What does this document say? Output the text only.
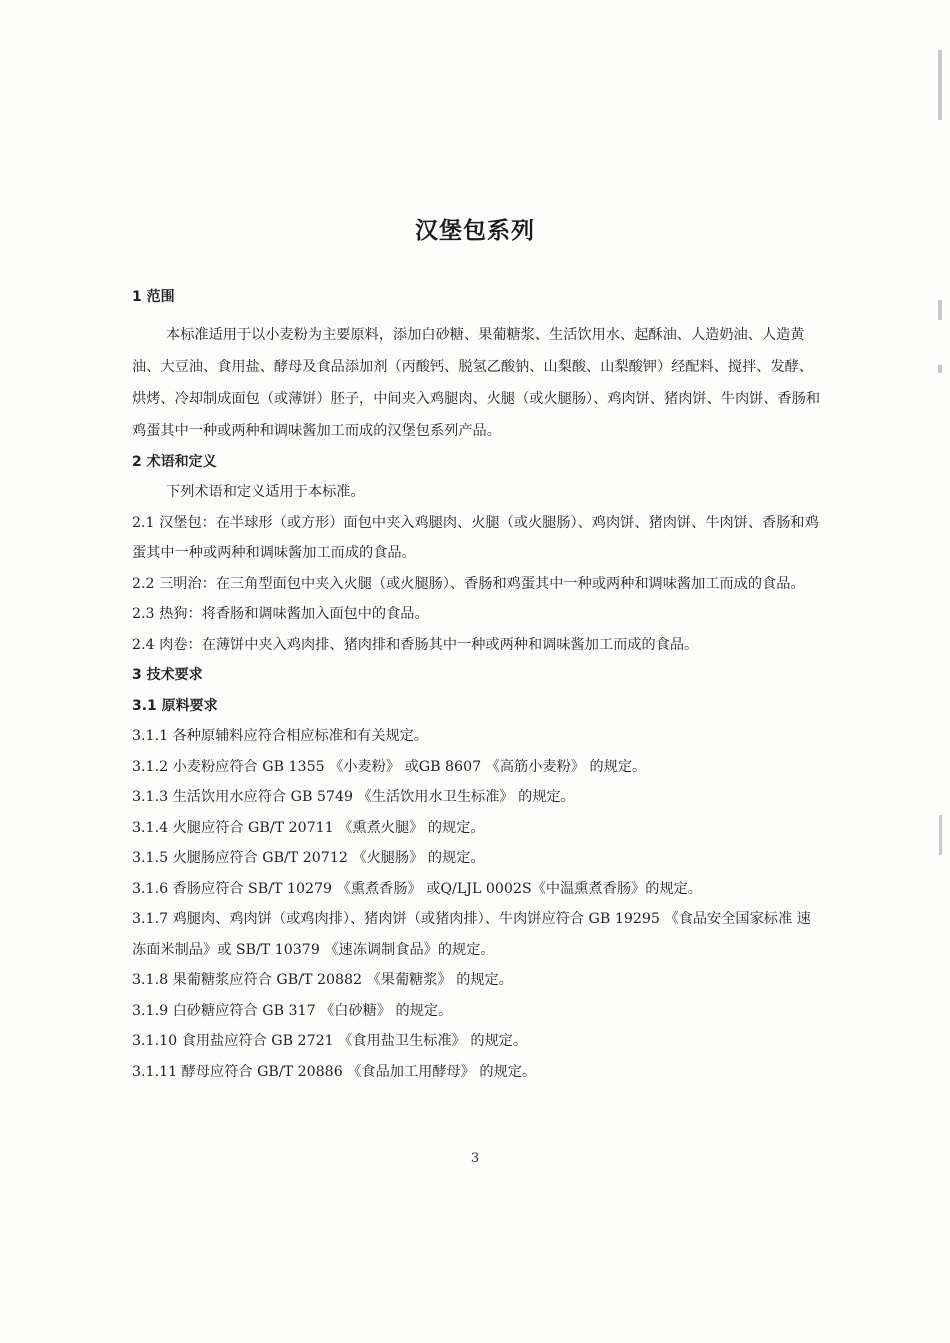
汉堡包系列

1 范围

本标准适用于以小麦粉为主要原料，添加白砂糖、果葡糖浆、生活饮用水、起酥油、人造奶油、人造黄油、大豆油、食用盐、酵母及食品添加剂（丙酸钙、脱氢乙酸钠、山梨酸、山梨酸钾）经配料、搅拌、发酵、烘烤、冷却制成面包（或薄饼）胚子，中间夹入鸡腿肉、火腿（或火腿肠）、鸡肉饼、猪肉饼、牛肉饼、香肠和鸡蛋其中一种或两种和调味酱加工而成的汉堡包系列产品。

2 术语和定义

下列术语和定义适用于本标准。

2.1 汉堡包：在半球形（或方形）面包中夹入鸡腿肉、火腿（或火腿肠）、鸡肉饼、猪肉饼、牛肉饼、香肠和鸡蛋其中一种或两种和调味酱加工而成的食品。

2.2 三明治：在三角型面包中夹入火腿（或火腿肠）、香肠和鸡蛋其中一种或两种和调味酱加工而成的食品。

2.3 热狗：将香肠和调味酱加入面包中的食品。

2.4 肉卷：在薄饼中夹入鸡肉排、猪肉排和香肠其中一种或两种和调味酱加工而成的食品。

3 技术要求

3.1 原料要求

3.1.1 各种原辅料应符合相应标准和有关规定。

3.1.2 小麦粉应符合 GB 1355 《小麦粉》 或GB 8607 《高筋小麦粉》 的规定。

3.1.3 生活饮用水应符合 GB 5749 《生活饮用水卫生标准》 的规定。

3.1.4 火腿应符合 GB/T 20711 《熏煮火腿》 的规定。

3.1.5 火腿肠应符合 GB/T 20712 《火腿肠》 的规定。

3.1.6 香肠应符合 SB/T 10279 《熏煮香肠》 或Q/LJL 0002S《中温熏煮香肠》的规定。

3.1.7 鸡腿肉、鸡肉饼（或鸡肉排）、猪肉饼（或猪肉排）、牛肉饼应符合 GB 19295 《食品安全国家标准 速冻面米制品》或 SB/T 10379 《速冻调制食品》的规定。

3.1.8 果葡糖浆应符合 GB/T 20882 《果葡糖浆》 的规定。

3.1.9 白砂糖应符合 GB 317 《白砂糖》 的规定。

3.1.10 食用盐应符合 GB 2721 《食用盐卫生标准》 的规定。

3.1.11 酵母应符合 GB/T 20886 《食品加工用酵母》 的规定。

3
